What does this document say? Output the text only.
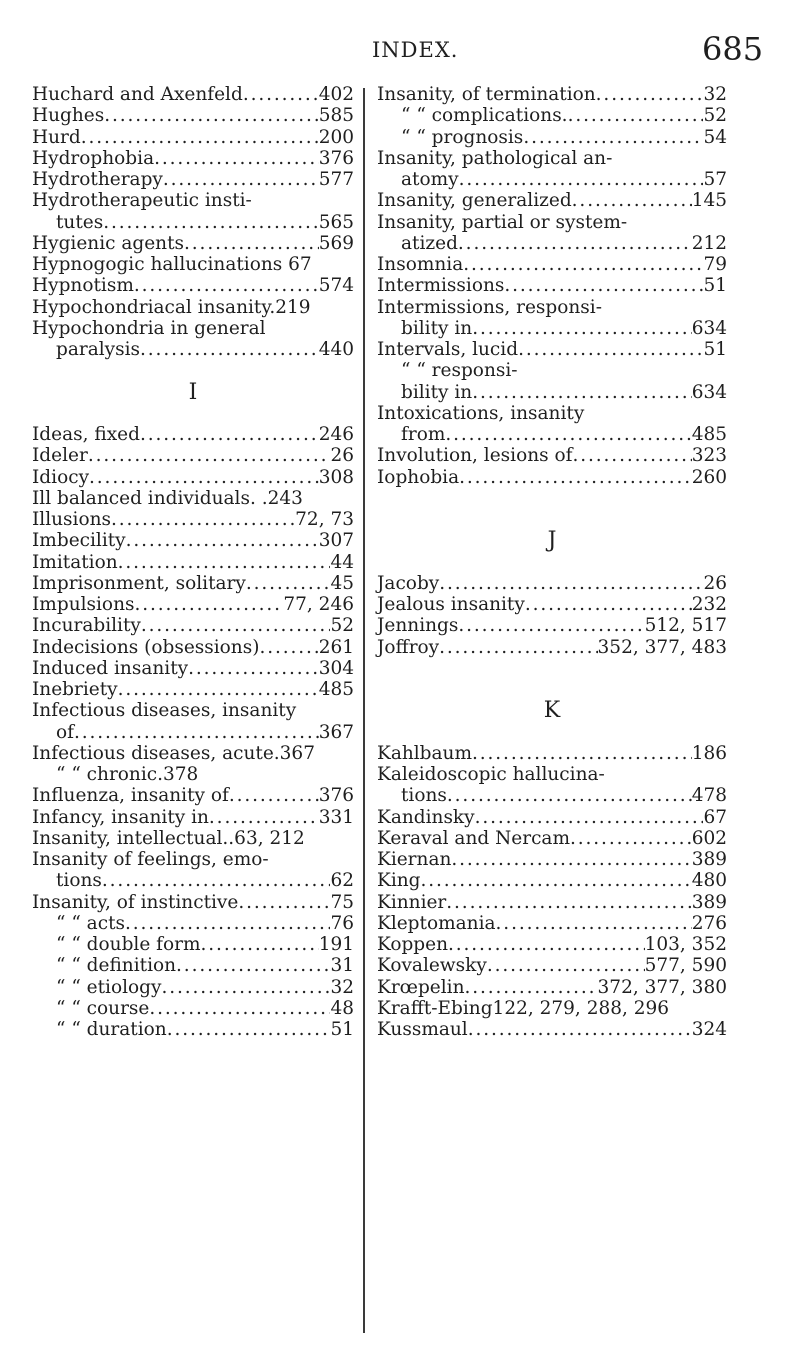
INDEX.	685
Huchard and Axenfeld . . .	402
Hughes . . .	585
Hurd . . .	200
Hydrophobia . . .	376
Hydrotherapy . . .	577
Hydrotherapeutic insti-
tutes . . .	565
Hygienic agents . . .	569
Hypnogogic hallucinations 67
Hypnotism . . .	574
Hypochondriacal insanity.219
Hypochondria in general
paralysis . . .	440
I
Ideas, fixed . . .	246
Ideler . . .	26
Idiocy . . .	308
Ill balanced individuals. .243
Illusions . . .	72, 73
Imbecility . . .	307
Imitation . . .	44
Imprisonment, solitary . . .	45
Impulsions . . .	77, 246
Incurability . . .	52
Indecisions (obsessions) . . .	261
Induced insanity . . .	304
Inebriety . . .	485
Infectious diseases, insanity
of . . .	367
Infectious diseases, acute.367
“ “ chronic.378
Influenza, insanity of . . .	376
Infancy, insanity in . . .	331
Insanity, intellectual..63, 212
Insanity of feelings, emo-
tions . . .	62
Insanity, of instinctive . . .	75
“ “ acts . . .	76
“ “ double form . . .	191
“ “ definition . . .	31
“ “ etiology . . .	32
“ “ course . . .	48
“ “ duration . . .	51
Insanity, of termination . . .	32
“ “ complications. . . .	52
“ “ prognosis . . .	54
Insanity, pathological an-
atomy . . .	57
Insanity, generalized . . .	145
Insanity, partial or system-
atized . . .	212
Insomnia . . .	79
Intermissions . . .	51
Intermissions, responsi-
bility in . . .	634
Intervals, lucid . . .	51
“ “ responsi-
bility in . . .	634
Intoxications, insanity
from . . .	485
Involution, lesions of . . .	323
Iophobia . . .	260
J
Jacoby . . .	26
Jealous insanity . . .	232
Jennings . . .	512, 517
Joffroy . . .	352, 377, 483
K
Kahlbaum . . .	186
Kaleidoscopic hallucina-
tions . . .	478
Kandinsky . . .	67
Keraval and Nercam . . .	602
Kiernan . . .	389
King . . .	480
Kinnier . . .	389
Kleptomania . . .	276
Koppen . . .	103, 352
Kovalewsky . . .	577, 590
Krœpelin . . .	372, 377, 380
Krafft-Ebing122, 279, 288, 296
Kussmaul . . .	324
